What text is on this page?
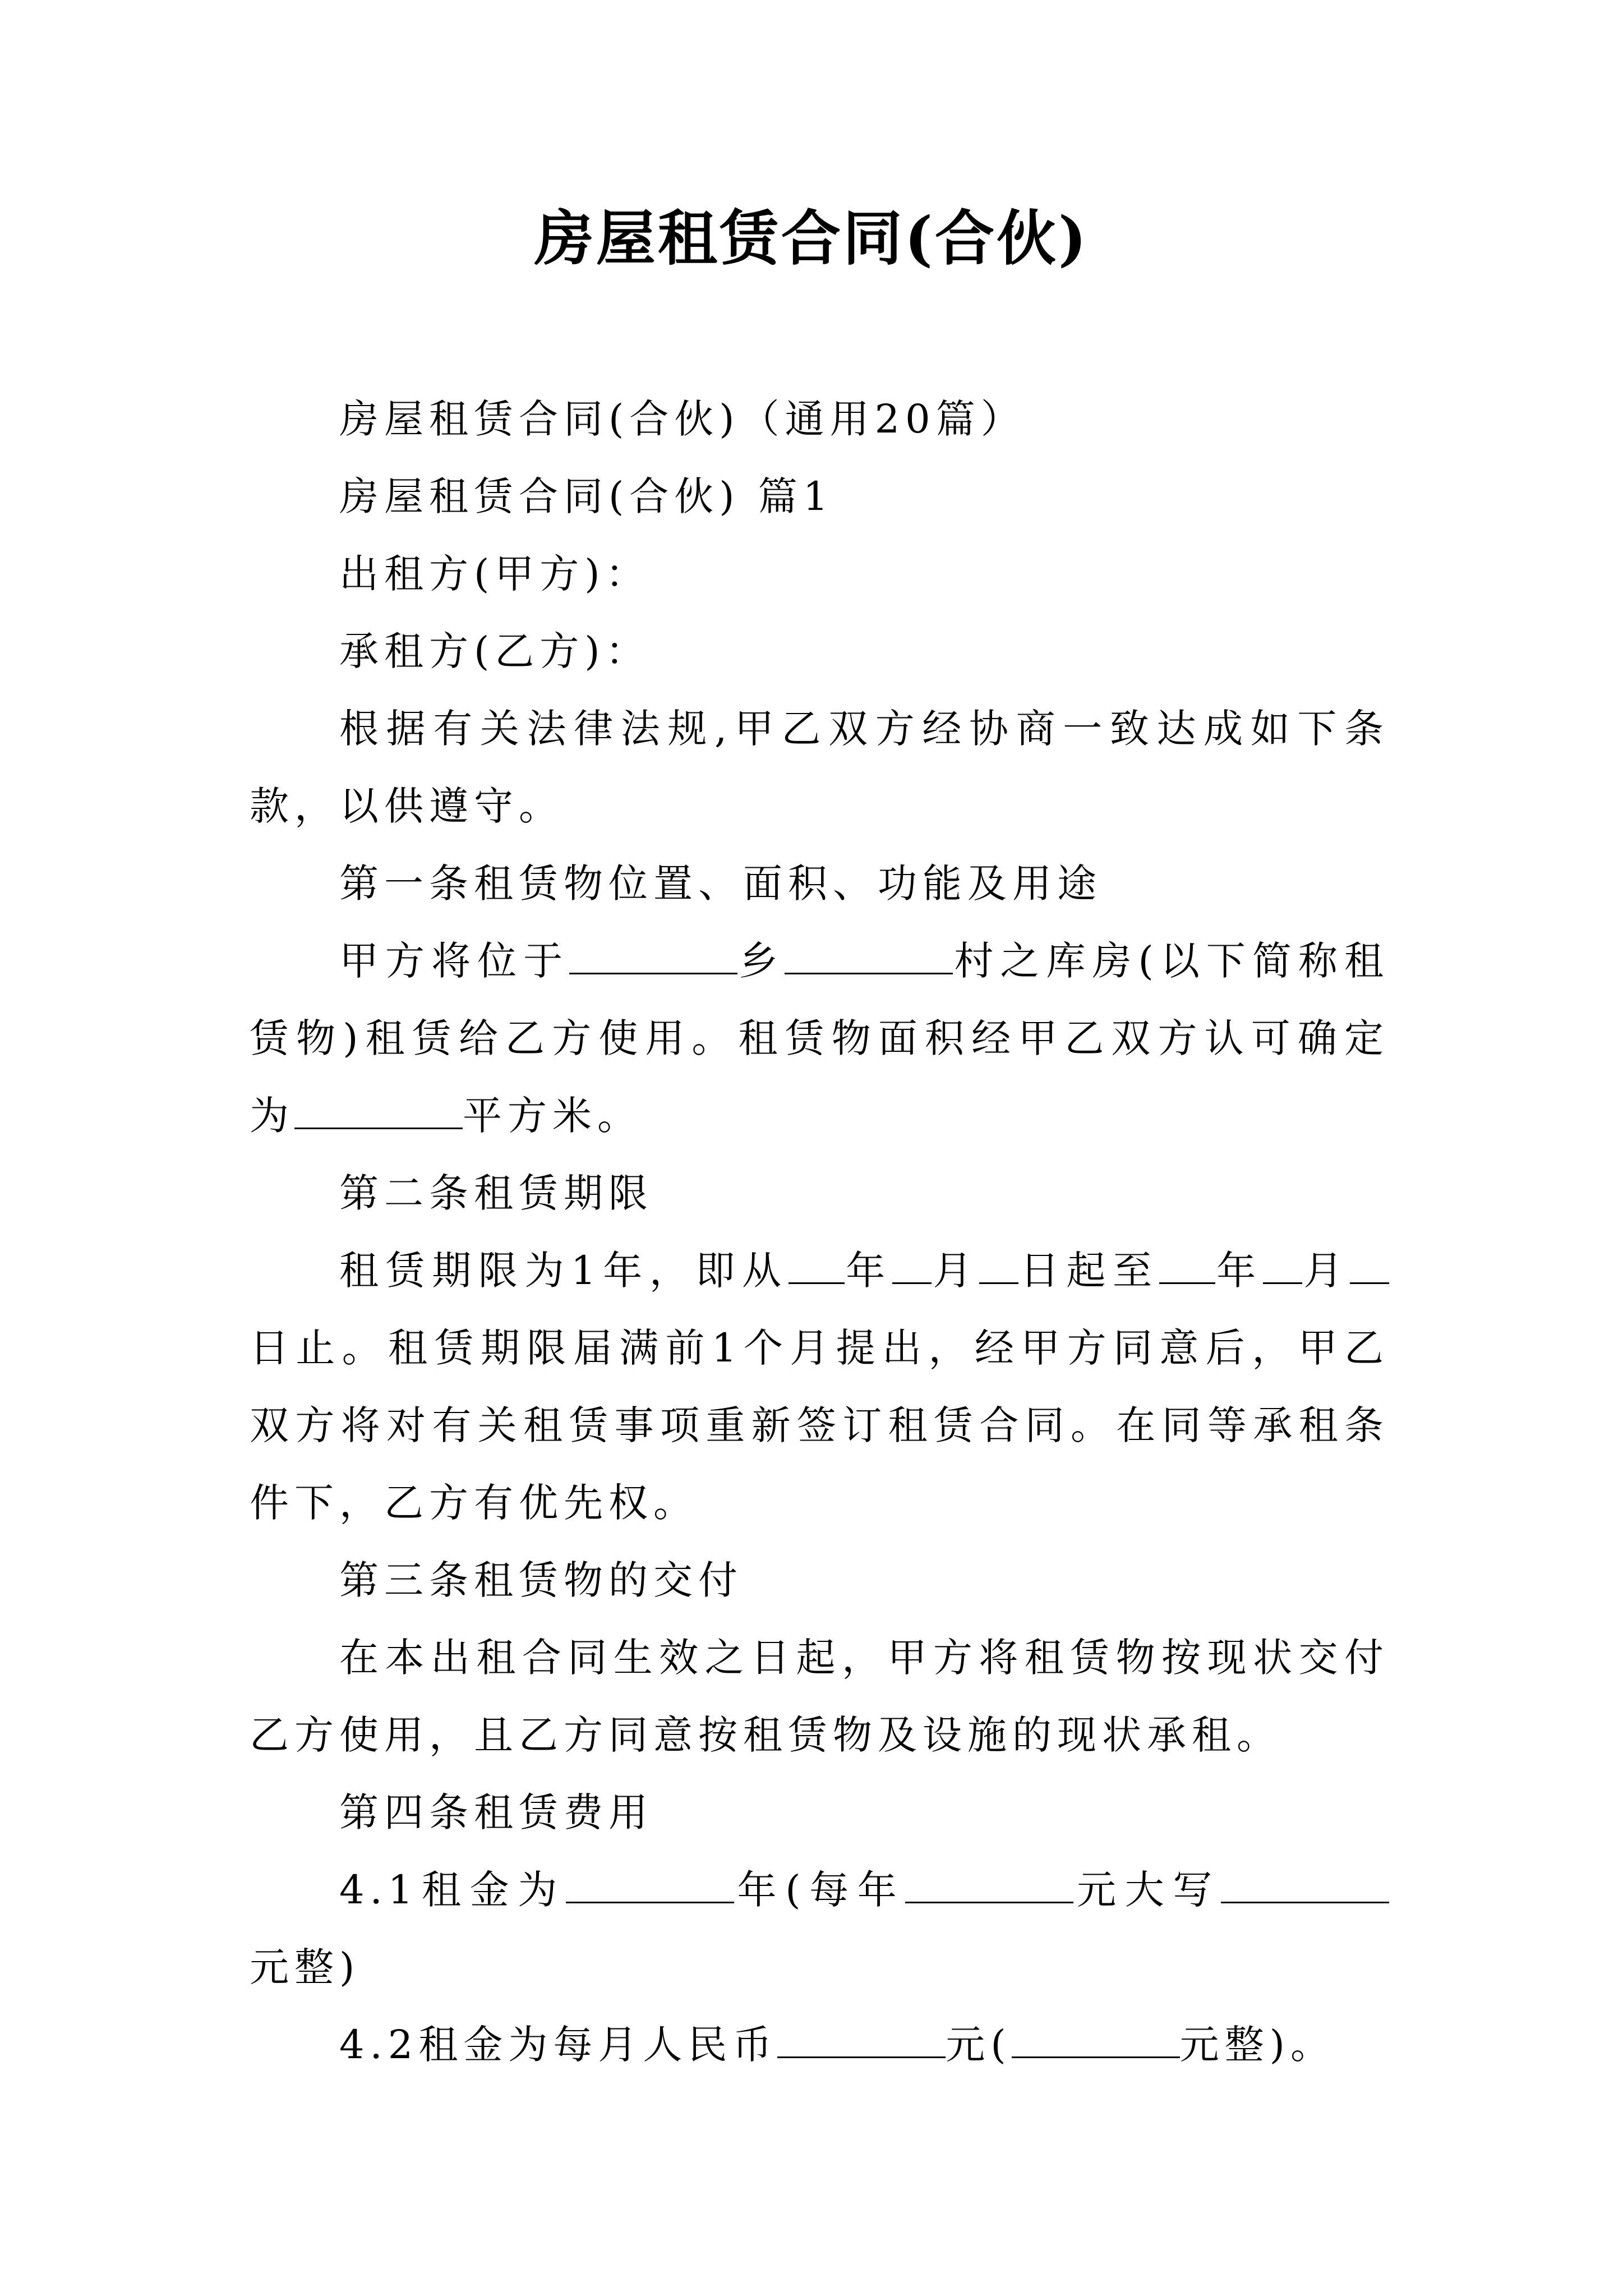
房屋租赁合同(合伙)

房屋租赁合同(合伙)（通用20篇）

房屋租赁合同(合伙) 篇1

出租方(甲方)：

承租方(乙方)：

根据有关法律法规,甲乙双方经协商一致达成如下条款，以供遵守。

第一条租赁物位置、面积、功能及用途

甲方将位于	乡	村之库房(以下简称租赁物)租赁给乙方使用。租赁物面积经甲乙双方认可确定为	平方米。

第二条租赁期限

租赁期限为1年，即从 年 月 日起至 年 月日止。租赁期限届满前1个月提出，经甲方同意后，甲乙双方将对有关租赁事项重新签订租赁合同。在同等承租条件下，乙方有优先权。

第三条租赁物的交付

在本出租合同生效之日起，甲方将租赁物按现状交付乙方使用，且乙方同意按租赁物及设施的现状承租。

第四条租赁费用

4.1租金为	年(每年	元大写元整)

4.2租金为每月人民币	元(	元整)。
